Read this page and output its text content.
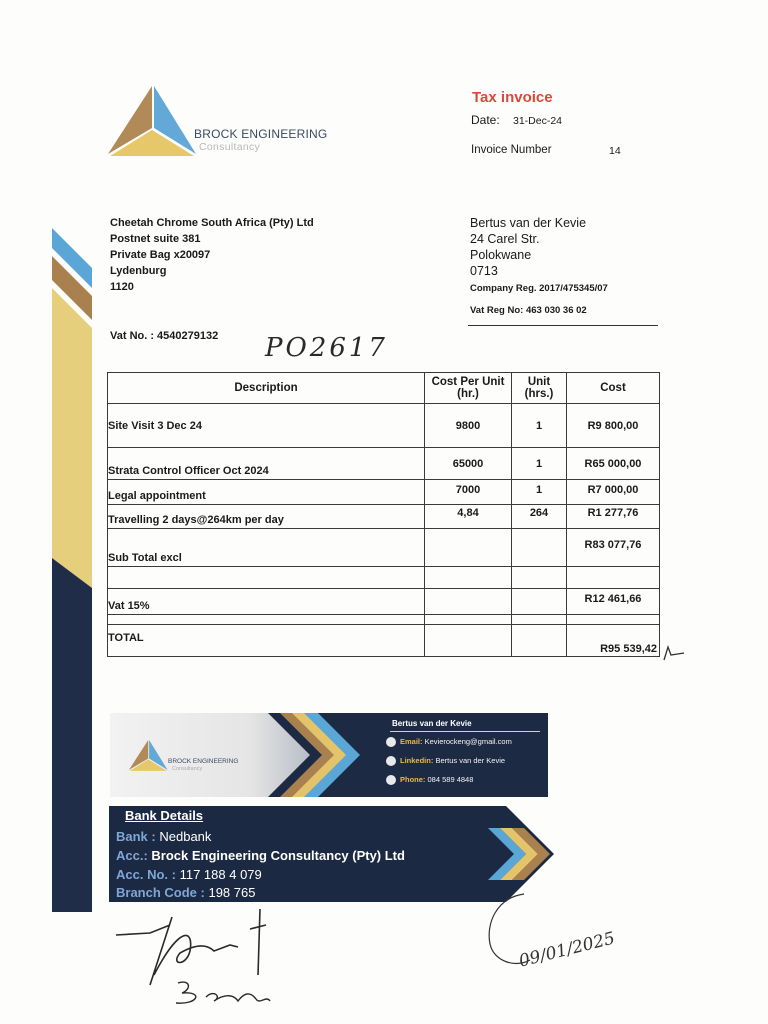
BROCK ENGINEERING
Consultancy
Tax invoice
Date: 31-Dec-24
Invoice Number	14
Cheetah Chrome South Africa (Pty) Ltd
Postnet suite 381
Private Bag x20097
Lydenburg
1120
Bertus van der Kevie
24 Carel Str.
Polokwane
0713
Company Reg. 2017/475345/07
Vat Reg No: 463 030 36 02
Vat No. : 4540279132 PO2617
Description	Cost Per Unit (hr.)	Unit (hrs.)	Cost
Site Visit 3 Dec 24	9800	1	R9 800,00
Strata Control Officer Oct 2024	65000	1	R65 000,00
Legal appointment	7000	1	R7 000,00
Travelling 2 days@264km per day	4,84	264	R1 277,76
Sub Total excl			R83 077,76

Vat 15%			R12 461,66

TOTAL			R95 539,42
BROCK ENGINEERING
Consultancy
Bertus van der Kevie
Email: Kevierockeng@gmail.com
Linkedin: Bertus van der Kevie
Phone: 084 589 4848
Bank Details
Bank : Nedbank
Acc.: Brock Engineering Consultancy (Pty) Ltd
Acc. No. : 117 188 4 079
Branch Code : 198 765
09/01/2025
